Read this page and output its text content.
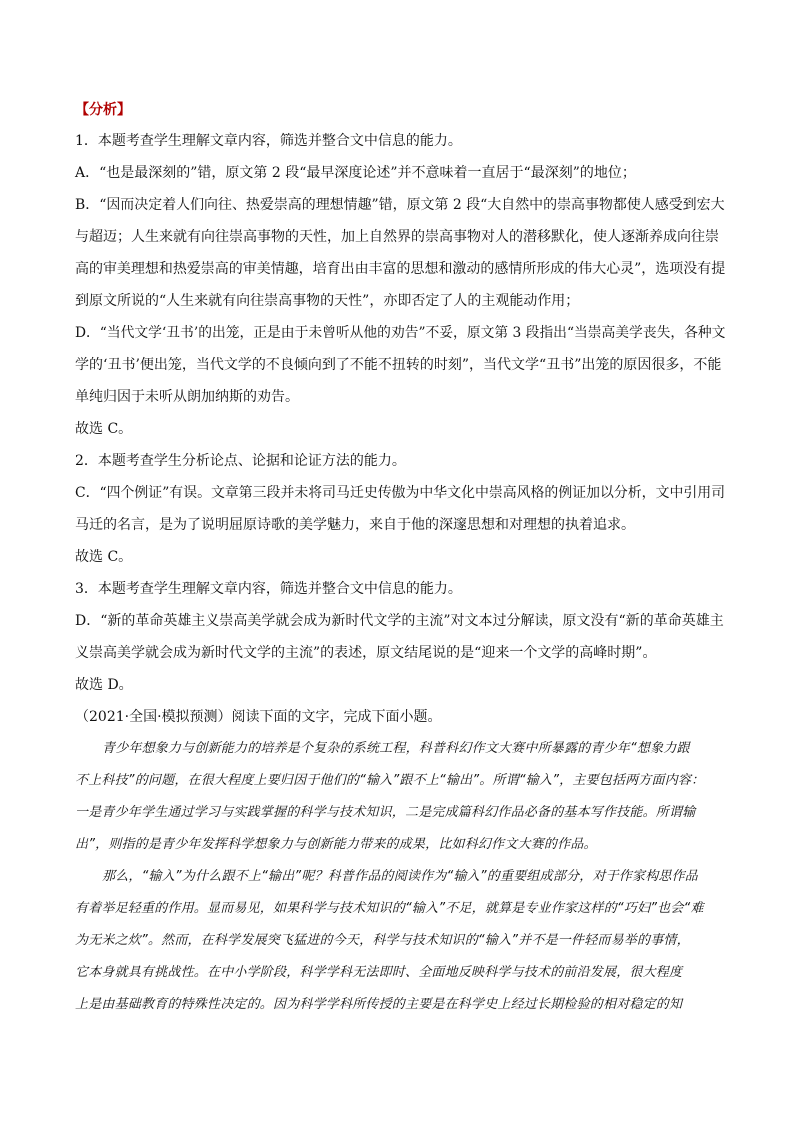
【分析】
1．本题考查学生理解文章内容，筛选并整合文中信息的能力。
A．“也是最深刻的”错，原文第 2 段“最早深度论述”并不意味着一直居于“最深刻”的地位；
B．“因而决定着人们向往、热爱崇高的理想情趣”错，原文第 2 段“大自然中的崇高事物都使人感受到宏大
与超迈；人生来就有向往崇高事物的天性，加上自然界的崇高事物对人的潜移默化，使人逐渐养成向往崇
高的审美理想和热爱崇高的审美情趣，培育出由丰富的思想和激动的感情所形成的伟大心灵”，选项没有提
到原文所说的“人生来就有向往崇高事物的天性”，亦即否定了人的主观能动作用；
D．“当代文学‘丑书’的出笼，正是由于未曾听从他的劝告”不妥，原文第 3 段指出“当崇高美学丧失，各种文
学的‘丑书’便出笼，当代文学的不良倾向到了不能不扭转的时刻”，当代文学“丑书”出笼的原因很多，不能
单纯归因于未听从朗加纳斯的劝告。
故选 C。
2．本题考查学生分析论点、论据和论证方法的能力。
C．“四个例证”有误。文章第三段并未将司马迁史传傲为中华文化中崇高风格的例证加以分析，文中引用司
马迁的名言，是为了说明屈原诗歌的美学魅力，来自于他的深邃思想和对理想的执着追求。
故选 C。
3．本题考查学生理解文章内容，筛选并整合文中信息的能力。
D．“新的革命英雄主义崇高美学就会成为新时代文学的主流”对文本过分解读，原文没有“新的革命英雄主
义崇高美学就会成为新时代文学的主流”的表述，原文结尾说的是“迎来一个文学的高峰时期”。
故选 D。
（2021·全国·模拟预测）阅读下面的文字，完成下面小题。
青少年想象力与创新能力的培养是个复杂的系统工程，科普科幻作文大赛中所暴露的青少年“想象力跟
不上科技”的问题，在很大程度上要归因于他们的“输入”跟不上“输出”。所谓“输入”，主要包括两方面内容：
一是青少年学生通过学习与实践掌握的科学与技术知识，二是完成篇科幻作品必备的基本写作技能。所谓输
出”，则指的是青少年发挥科学想象力与创新能力带来的成果，比如科幻作文大赛的作品。
那么，“输入”为什么跟不上“输出”呢？科普作品的阅读作为“输入”的重要组成部分，对于作家构思作品
有着举足轻重的作用。显而易见，如果科学与技术知识的“输入”不足，就算是专业作家这样的“巧妇”也会“难
为无米之炊”。然而，在科学发展突飞猛进的今天，科学与技术知识的“输入”并不是一件轻而易举的事情，
它本身就具有挑战性。在中小学阶段，科学学科无法即时、全面地反映科学与技术的前沿发展，很大程度
上是由基础教育的特殊性决定的。因为科学学科所传授的主要是在科学史上经过长期检验的相对稳定的知
